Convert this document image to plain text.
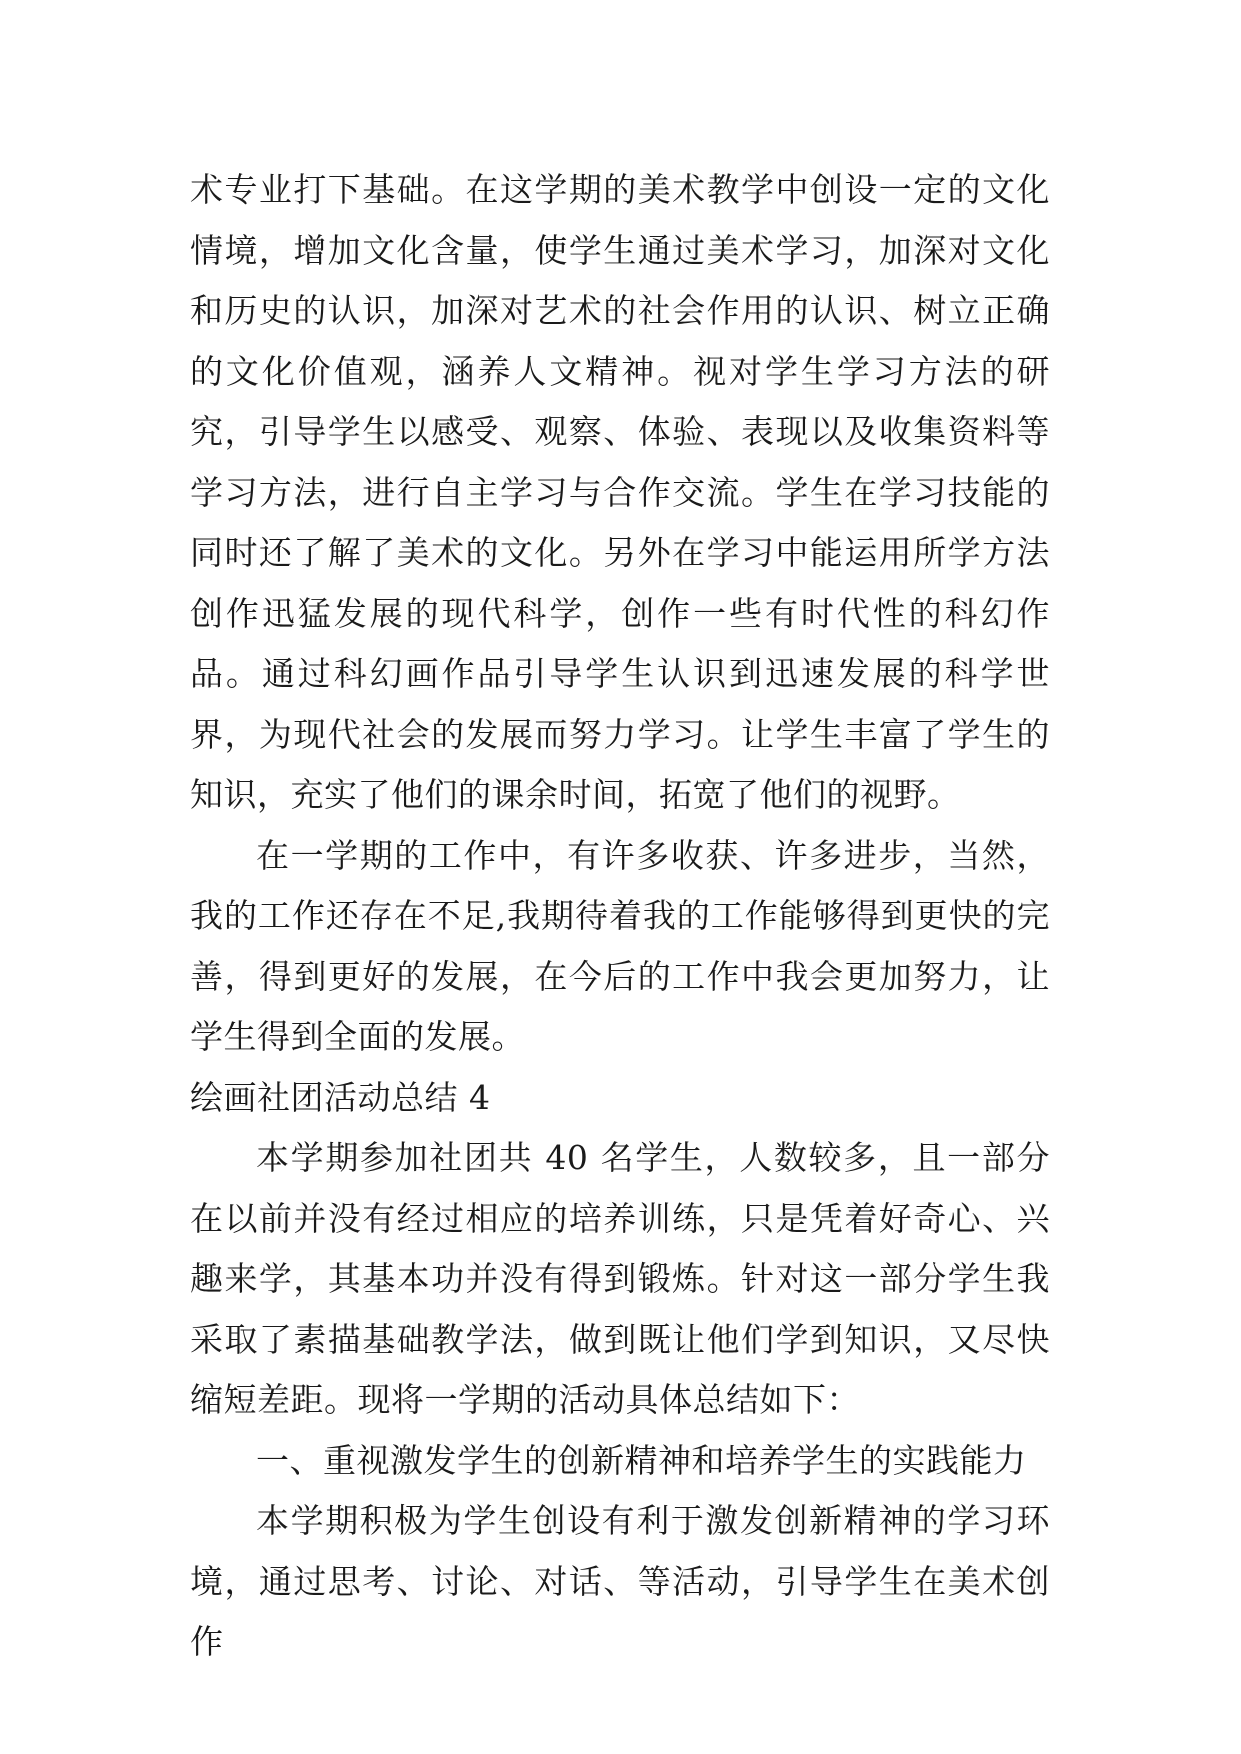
术专业打下基础。在这学期的美术教学中创设一定的文化情境，增加文化含量，使学生通过美术学习，加深对文化和历史的认识，加深对艺术的社会作用的认识、树立正确的文化价值观，涵养人文精神。视对学生学习方法的研究，引导学生以感受、观察、体验、表现以及收集资料等学习方法，进行自主学习与合作交流。学生在学习技能的同时还了解了美术的文化。另外在学习中能运用所学方法创作迅猛发展的现代科学，创作一些有时代性的科幻作品。通过科幻画作品引导学生认识到迅速发展的科学世界，为现代社会的发展而努力学习。让学生丰富了学生的知识，充实了他们的课余时间，拓宽了他们的视野。

在一学期的工作中，有许多收获、许多进步，当然，我的工作还存在不足,我期待着我的工作能够得到更快的完善，得到更好的发展，在今后的工作中我会更加努力，让学生得到全面的发展。

绘画社团活动总结 4

本学期参加社团共 40 名学生，人数较多，且一部分在以前并没有经过相应的培养训练，只是凭着好奇心、兴趣来学，其基本功并没有得到锻炼。针对这一部分学生我采取了素描基础教学法，做到既让他们学到知识，又尽快缩短差距。现将一学期的活动具体总结如下：

一、重视激发学生的创新精神和培养学生的实践能力

本学期积极为学生创设有利于激发创新精神的学习环境，通过思考、讨论、对话、等活动，引导学生在美术创作
